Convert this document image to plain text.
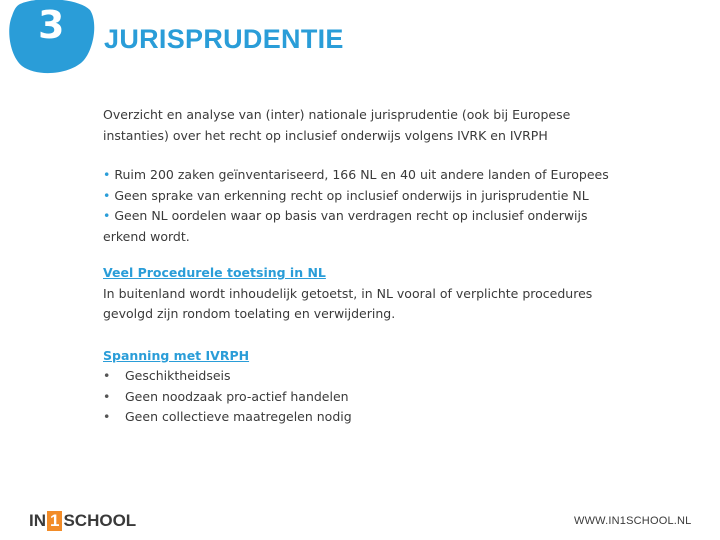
3 JURISPRUDENTIE

Overzicht en analyse van (inter) nationale jurisprudentie (ook bij Europese
instanties) over het recht op inclusief onderwijs volgens IVRK en IVRPH

• Ruim 200 zaken geïnventariseerd, 166 NL en 40 uit andere landen of Europees
• Geen sprake van erkenning recht op inclusief onderwijs in jurisprudentie NL
• Geen NL oordelen waar op basis van verdragen recht op inclusief onderwijs
erkend wordt.
Veel Procedurele toetsing in NL
In buitenland wordt inhoudelijk getoetst, in NL vooral of verplichte procedures
gevolgd zijn rondom toelating en verwijdering.
Spanning met IVRPH
• Geschiktheidseis
• Geen noodzaak pro-actief handelen
• Geen collectieve maatregelen nodig
IN 1 SCHOOL	WWW.IN1SCHOOL.NL
